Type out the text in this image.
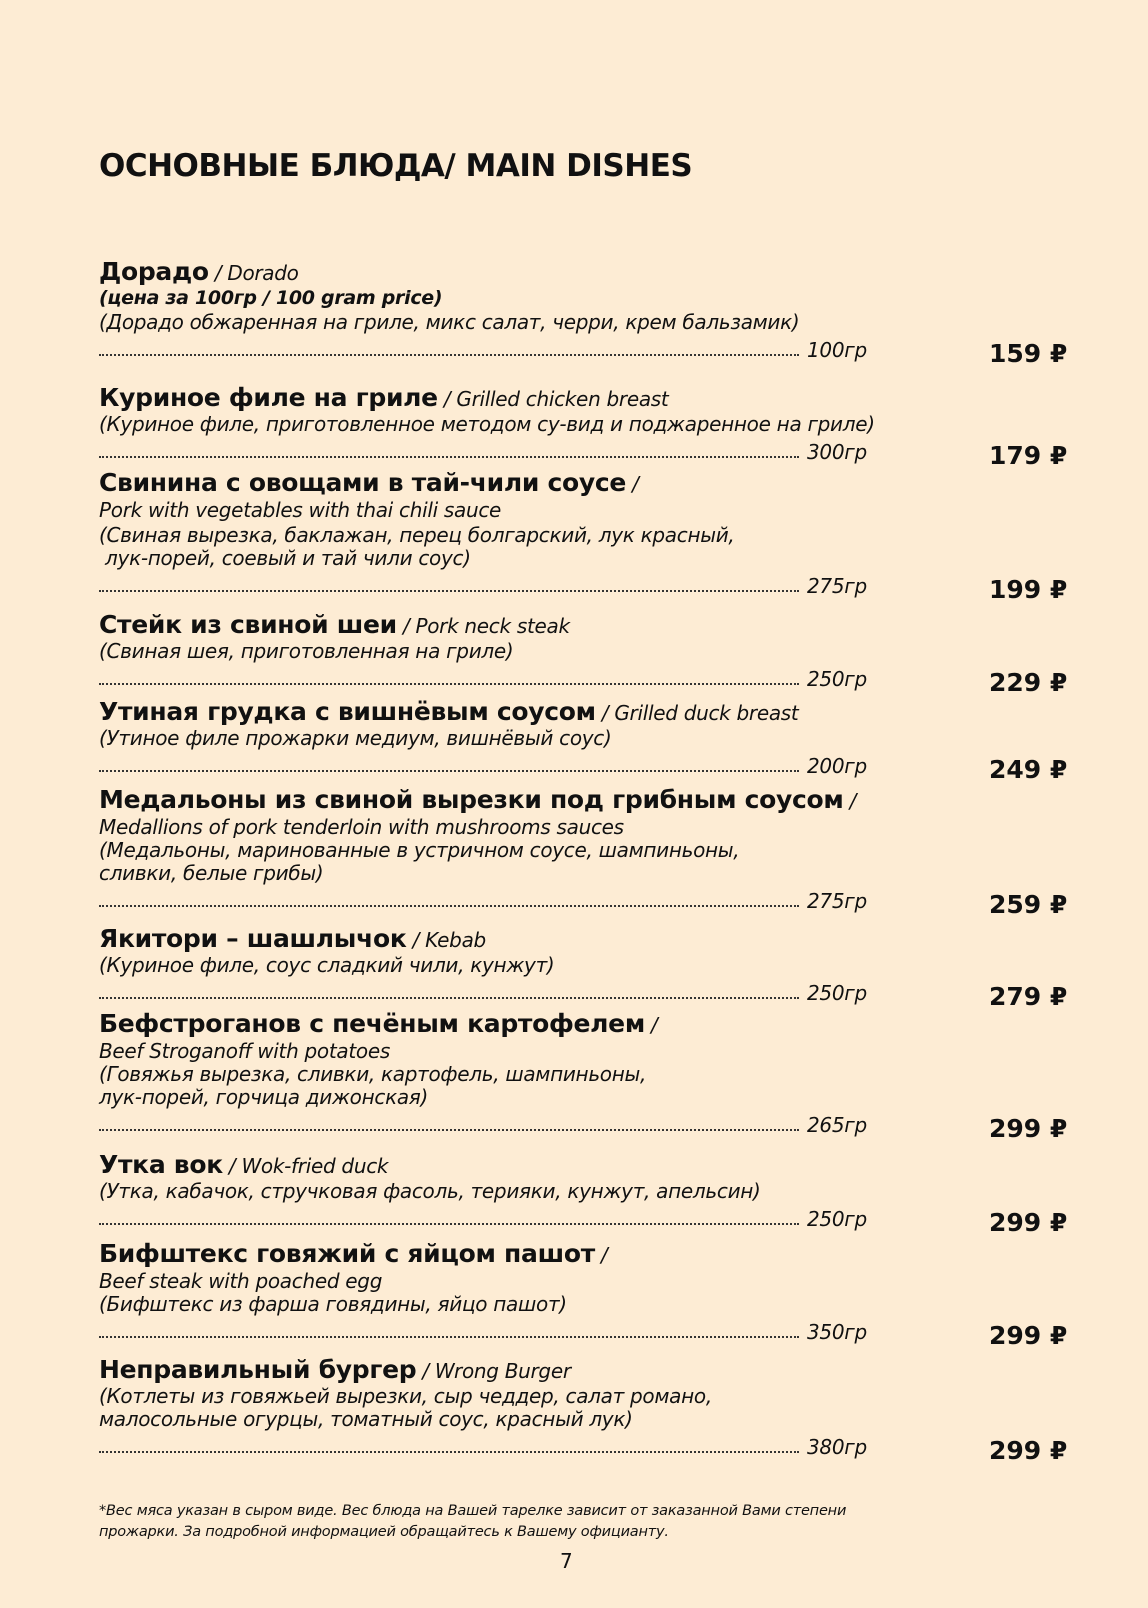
ОСНОВНЫЕ БЛЮДА/ MAIN DISHES
Дорадо / Dorado
(цена за 100гр / 100 gram price)
(Дорадо обжаренная на гриле, микс салат, черри, крем бальзамик)
100гр	159 ₽
Куриное филе на гриле / Grilled chicken breast
(Куриное филе, приготовленное методом су-вид и поджаренное на гриле)
300гр	179 ₽
Свинина с овощами в тай-чили соусе /
Pork with vegetables with thai chili sauce
(Свиная вырезка, баклажан, перец болгарский, лук красный,
лук-порей, соевый и тай чили соус)
275гр	199 ₽
Стейк из свиной шеи / Pork neck steak
(Свиная шея, приготовленная на гриле)
250гр	229 ₽
Утиная грудка с вишнёвым соусом / Grilled duck breast
(Утиное филе прожарки медиум, вишнёвый соус)
200гр	249 ₽
Медальоны из свиной вырезки под грибным соусом /
Medallions of pork tenderloin with mushrooms sauces
(Медальоны, маринованные в устричном соусе, шампиньоны,
сливки, белые грибы)
275гр	259 ₽
Якитори – шашлычок / Kebab
(Куриное филе, соус сладкий чили, кунжут)
250гр	279 ₽
Бефстроганов с печёным картофелем /
Beef Stroganoff with potatoes
(Говяжья вырезка, сливки, картофель, шампиньоны,
лук-порей, горчица дижонская)
265гр	299 ₽
Утка вок / Wok-fried duck
(Утка, кабачок, стручковая фасоль, терияки, кунжут, апельсин)
250гр	299 ₽
Бифштекс говяжий с яйцом пашот /
Beef steak with poached egg
(Бифштекс из фарша говядины, яйцо пашот)
350гр	299 ₽
Неправильный бургер / Wrong Burger
(Котлеты из говяжьей вырезки, сыр чеддер, салат романо,
малосольные огурцы, томатный соус, красный лук)
380гр	299 ₽
*Вес мяса указан в сыром виде. Вес блюда на Вашей тарелке зависит от заказанной Вами степени
прожарки. За подробной информацией обращайтесь к Вашему официанту.

7
